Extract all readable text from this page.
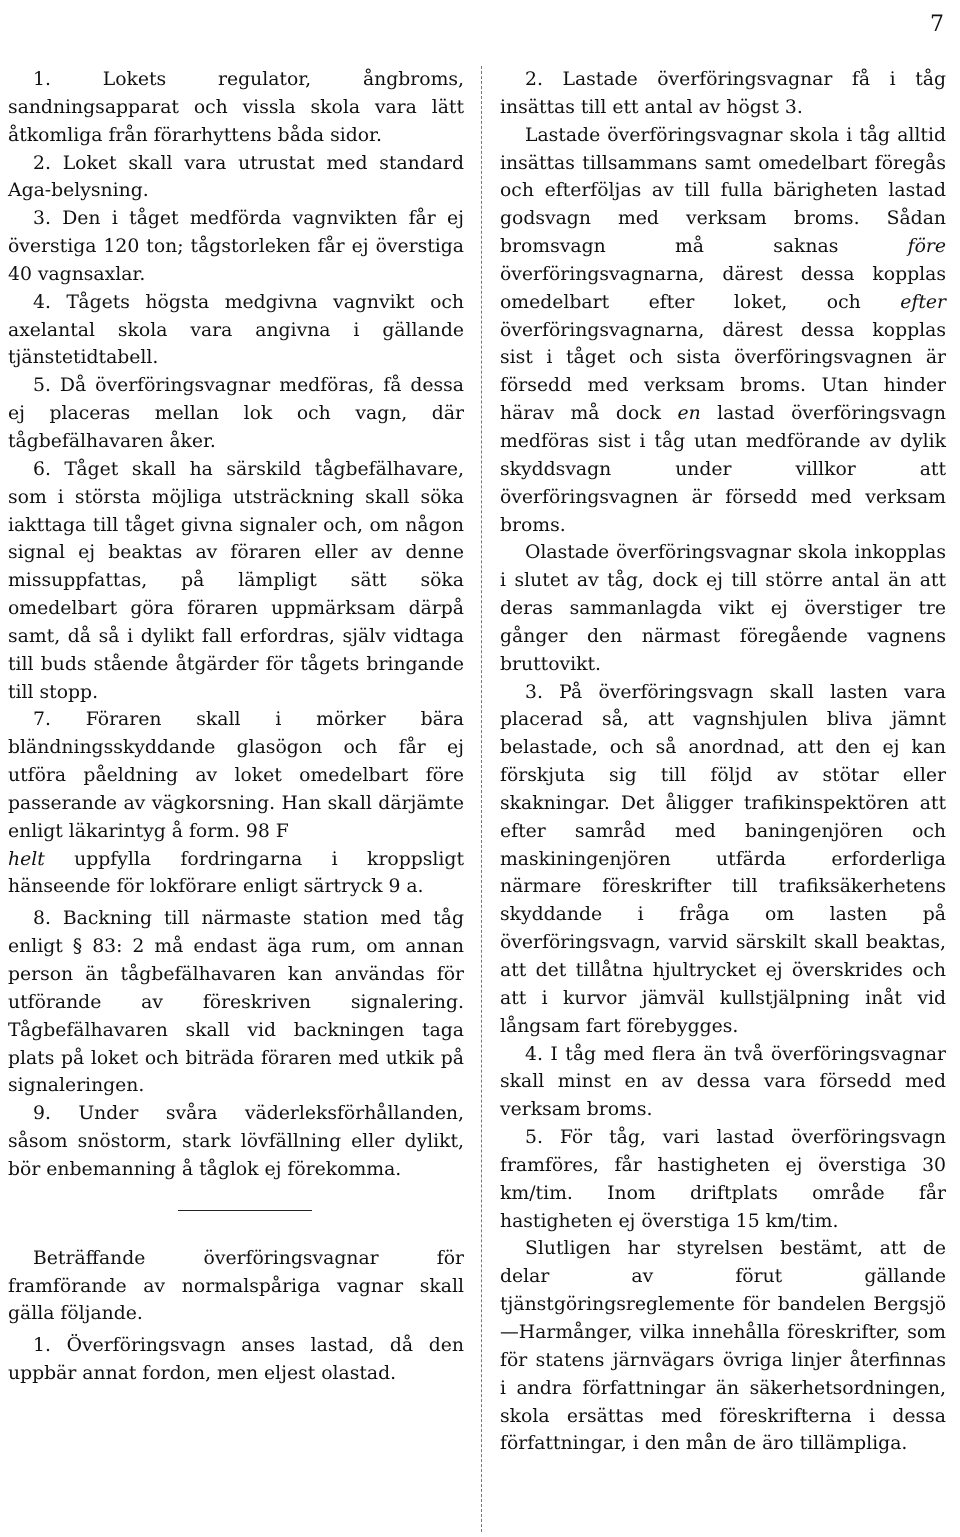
7

1. Lokets regulator, ångbroms, sandningsapparat och vissla skola vara lätt åtkomliga från förarhyttens båda sidor.

2. Loket skall vara utrustat med standard Aga-belysning.

3. Den i tåget medförda vagnvikten får ej överstiga 120 ton; tågstorleken får ej överstiga 40 vagnsaxlar.

4. Tågets högsta medgivna vagnvikt och axelantal skola vara angivna i gällande tjänstetidtabell.

5. Då överföringsvagnar medföras, få dessa ej placeras mellan lok och vagn, där tågbefälhavaren åker.

6. Tåget skall ha särskild tågbefälhavare, som i största möjliga utsträckning skall söka iakttaga till tåget givna signaler och, om någon signal ej beaktas av föraren eller av denne missuppfattas, på lämpligt sätt söka omedelbart göra föraren uppmärksam därpå samt, då så i dylikt fall erfordras, själv vidtaga till buds stående åtgärder för tågets bringande till stopp.

7. Föraren skall i mörker bära bländningsskyddande glasögon och får ej utföra påeldning av loket omedelbart före passerande av vägkorsning. Han skall därjämte enligt läkarintyg å form. 98 F
helt uppfylla fordringarna i kroppsligt hänseende för lokförare enligt särtryck 9 a.

8. Backning till närmaste station med tåg enligt § 83: 2 må endast äga rum, om annan person än tågbefälhavaren kan användas för utförande av föreskriven signalering. Tågbefälhavaren skall vid backningen taga plats på loket och biträda föraren med utkik på signaleringen.

9. Under svåra väderleksförhållanden, såsom snöstorm, stark lövfällning eller dylikt, bör enbemanning å tåglok ej förekomma.

Beträffande överföringsvagnar för framförande av normalspåriga vagnar skall gälla följande.

1. Överföringsvagn anses lastad, då den uppbär annat fordon, men eljest olastad.

2. Lastade överföringsvagnar få i tåg insättas till ett antal av högst 3.

Lastade överföringsvagnar skola i tåg alltid insättas tillsammans samt omedelbart föregås och efterföljas av till fulla bärigheten lastad godsvagn med verksam broms. Sådan bromsvagn må saknas	före överföringsvagnarna, därest dessa kopplas omedelbart efter loket, och efter överföringsvagnarna, därest dessa kopplas sist i tåget och sista överföringsvagnen är försedd med verksam broms. Utan hinder härav må dock en lastad överföringsvagn medföras sist i tåg utan medförande av dylik skyddsvagn under villkor att överföringsvagnen är försedd med verksam broms.

Olastade överföringsvagnar skola inkopplas i slutet av tåg, dock ej till större antal än att deras sammanlagda vikt ej överstiger tre gånger den närmast föregående vagnens bruttovikt.

3. På överföringsvagn skall lasten vara placerad så, att vagnshjulen bliva jämnt belastade, och så anordnad, att den ej kan förskjuta sig till följd av stötar eller skakningar. Det åligger trafikinspektören att efter samråd med baningenjören och maskiningenjören utfärda erforderliga närmare föreskrifter till trafiksäkerhetens skyddande i fråga om lasten på överföringsvagn, varvid särskilt skall beaktas, att det tillåtna hjultrycket ej överskrides och att i kurvor jämväl kullstjälpning inåt vid långsam fart förebygges.

4. I tåg med flera än två överföringsvagnar skall minst en av dessa vara försedd med verksam broms.

5. För tåg, vari lastad överföringsvagn framföres, får hastigheten ej överstiga 30 km/tim. Inom driftplats område får hastigheten ej överstiga 15 km/tim.

Slutligen har styrelsen bestämt, att de delar av förut gällande tjänstgöringsreglemente för bandelen Bergsjö—Harmånger, vilka innehålla föreskrifter, som för statens järnvägars övriga linjer återfinnas i andra författningar än säkerhetsordningen, skola ersättas med föreskrifterna i dessa författningar, i den mån de äro tillämpliga.
